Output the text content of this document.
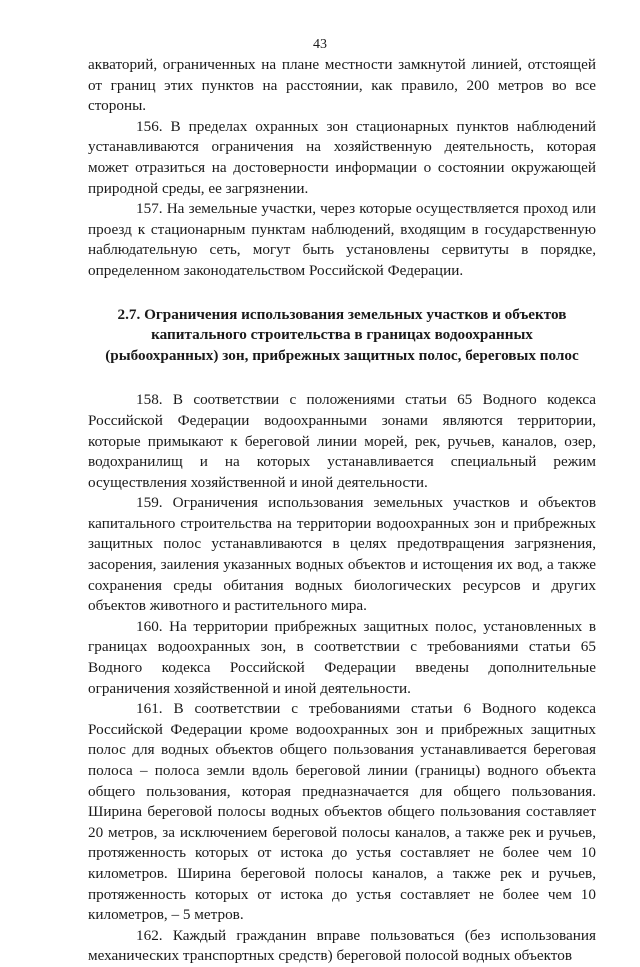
43

акваторий, ограниченных на плане местности замкнутой линией, отстоящей от границ этих пунктов на расстоянии, как правило, 200 метров во все стороны.

156. В пределах охранных зон стационарных пунктов наблюдений устанавливаются ограничения на хозяйственную деятельность, которая может отразиться на достоверности информации о состоянии окружающей природной среды, ее загрязнении.

157. На земельные участки, через которые осуществляется проход или проезд к стационарным пунктам наблюдений, входящим в государственную наблюдательную сеть, могут быть установлены сервитуты в порядке, определенном законодательством Российской Федерации.

2.7. Ограничения использования земельных участков и объектов
капитального строительства в границах водоохранных
(рыбоохранных) зон, прибрежных защитных полос, береговых полос

158. В соответствии с положениями статьи 65 Водного кодекса Российской Федерации водоохранными зонами являются территории, которые примыкают к береговой линии морей, рек, ручьев, каналов, озер, водохранилищ и на которых устанавливается специальный режим осуществления хозяйственной и иной деятельности.

159. Ограничения использования земельных участков и объектов капитального строительства на территории водоохранных зон и прибрежных защитных полос устанавливаются в целях предотвращения загрязнения, засорения, заиления указанных водных объектов и истощения их вод, а также сохранения среды обитания водных биологических ресурсов и других объектов животного и растительного мира.

160. На территории прибрежных защитных полос, установленных в границах водоохранных зон, в соответствии с требованиями статьи 65 Водного кодекса Российской Федерации введены дополнительные ограничения хозяйственной и иной деятельности.

161. В соответствии с требованиями статьи 6 Водного кодекса Российской Федерации кроме водоохранных зон и прибрежных защитных полос для водных объектов общего пользования устанавливается береговая полоса – полоса земли вдоль береговой линии (границы) водного объекта общего пользования, которая предназначается для общего пользования. Ширина береговой полосы водных объектов общего пользования составляет 20 метров, за исключением береговой полосы каналов, а также рек и ручьев, протяженность которых от истока до устья составляет не более чем 10 километров. Ширина береговой полосы каналов, а также рек и ручьев, протяженность которых от истока до устья составляет не более чем 10 километров, – 5 метров.

162. Каждый гражданин вправе пользоваться (без использования механических транспортных средств) береговой полосой водных объектов
